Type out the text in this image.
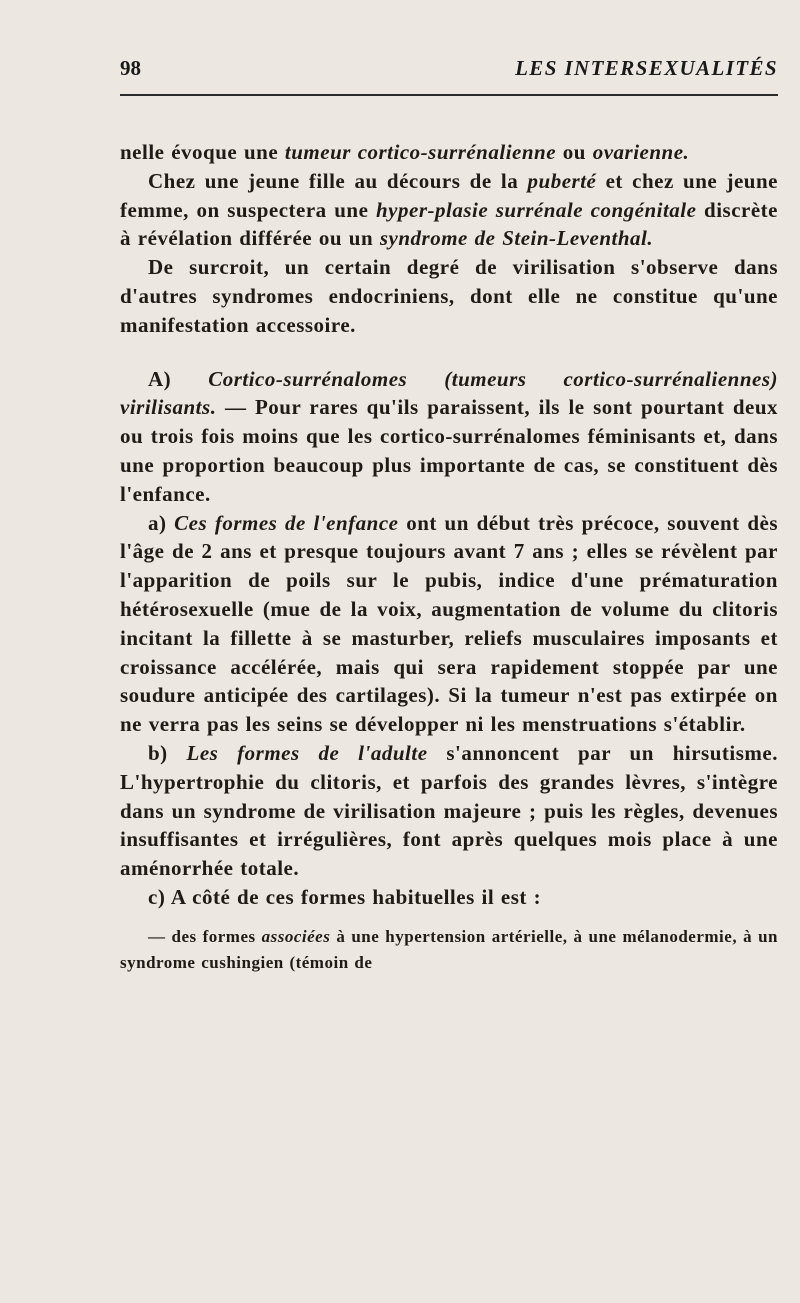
98	LES INTERSEXUALITÉS

nelle évoque une tumeur cortico-surrénalienne ou ovarienne.

Chez une jeune fille au décours de la puberté et chez une jeune femme, on suspectera une hyper-plasie surrénale congénitale discrète à révélation différée ou un syndrome de Stein-Leventhal.

De surcroit, un certain degré de virilisation s'observe dans d'autres syndromes endocriniens, dont elle ne constitue qu'une manifestation accessoire.

A) Cortico-surrénalomes (tumeurs cortico-surrénaliennes) virilisants. — Pour rares qu'ils paraissent, ils le sont pourtant deux ou trois fois moins que les cortico-surrénalomes féminisants et, dans une proportion beaucoup plus importante de cas, se constituent dès l'enfance.

a) Ces formes de l'enfance ont un début très précoce, souvent dès l'âge de 2 ans et presque toujours avant 7 ans ; elles se révèlent par l'apparition de poils sur le pubis, indice d'une prématuration hétérosexuelle (mue de la voix, augmentation de volume du clitoris incitant la fillette à se masturber, reliefs musculaires imposants et croissance accélérée, mais qui sera rapidement stoppée par une soudure anticipée des cartilages). Si la tumeur n'est pas extirpée on ne verra pas les seins se développer ni les menstruations s'établir.

b) Les formes de l'adulte s'annoncent par un hirsutisme. L'hypertrophie du clitoris, et parfois des grandes lèvres, s'intègre dans un syndrome de virilisation majeure ; puis les règles, devenues insuffisantes et irrégulières, font après quelques mois place à une aménorrhée totale.

c) A côté de ces formes habituelles il est :

— des formes associées à une hypertension artérielle, à une mélanodermie, à un syndrome cushingien (témoin de
